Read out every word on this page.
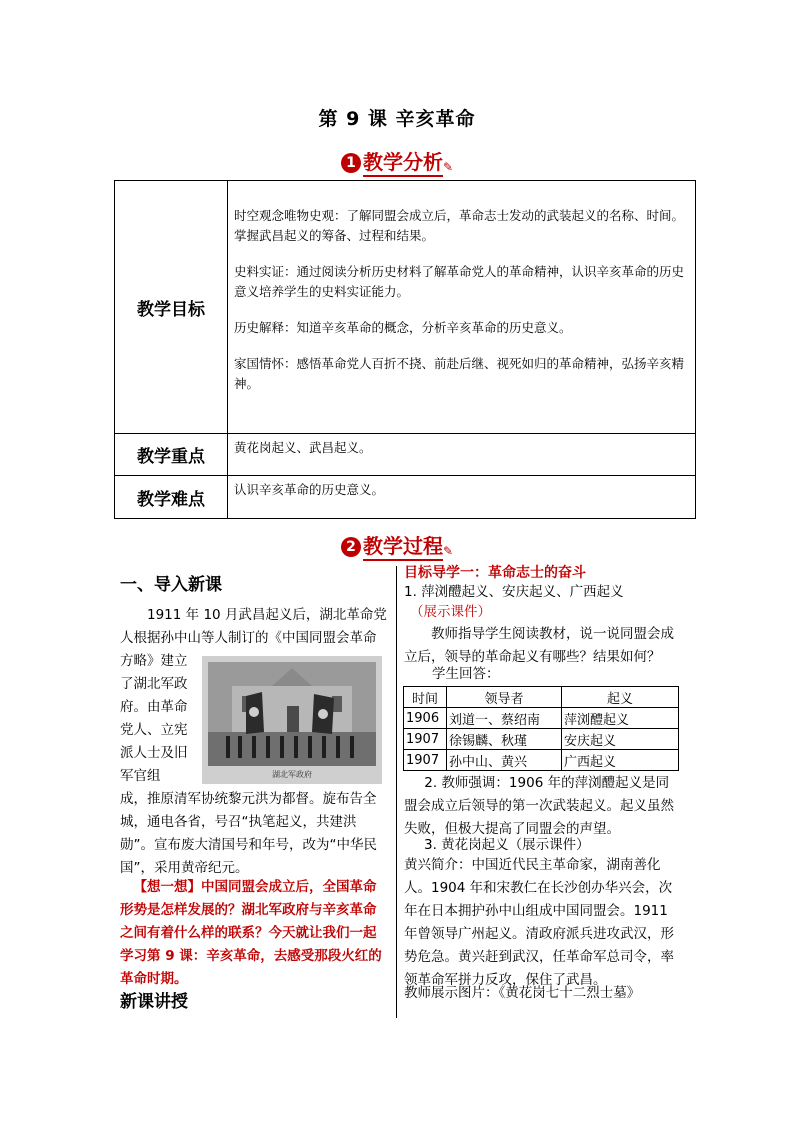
第 9 课 辛亥革命
1 教学分析✎
教学目标	时空观念唯物史观：了解同盟会成立后，革命志士发动的武装起义的名称、时间。掌握武昌起义的筹备、过程和结果。

史料实证：通过阅读分析历史材料了解革命党人的革命精神，认识辛亥革命的历史意义培养学生的史料实证能力。

历史解释：知道辛亥革命的概念，分析辛亥革命的历史意义。

家国情怀：感悟革命党人百折不挠、前赴后继、视死如归的革命精神，弘扬辛亥精神。

教学重点	黄花岗起义、武昌起义。
教学难点	认识辛亥革命的历史意义。
2 教学过程✎
一、导入新课
1911 年 10 月武昌起义后，湖北革命党人根据孙中山等人制订的《中国同盟会革命方略》建立
了湖北军政府。由革命党人、立宪派人士及旧军官组	湖北军政府
成，推原清军协统黎元洪为都督。旋布告全城，通电各省，号召“执笔起义，共建洪勋”。宣布废大清国号和年号，改为“中华民国”，采用黄帝纪元。
【想一想】中国同盟会成立后，全国革命形势是怎样发展的？湖北军政府与辛亥革命之间有着什么样的联系？今天就让我们一起学习第 9 课：辛亥革命，去感受那段火红的革命时期。
新课讲授
目标导学一：革命志士的奋斗
1. 萍浏醴起义、安庆起义、广西起义
（展示课件）
教师指导学生阅读教材，说一说同盟会成立后，领导的革命起义有哪些？结果如何？
学生回答：
时间	领导者	起义
1906	刘道一、蔡绍南	萍浏醴起义
1907	徐锡麟、秋瑾	安庆起义
1907	孙中山、黄兴	广西起义
2. 教师强调：1906 年的萍浏醴起义是同盟会成立后领导的第一次武装起义。起义虽然失败，但极大提高了同盟会的声望。
3. 黄花岗起义（展示课件）
黄兴简介：中国近代民主革命家，湖南善化人。1904 年和宋教仁在长沙创办华兴会，次年在日本拥护孙中山组成中国同盟会。1911 年曾领导广州起义。清政府派兵进攻武汉，形势危急。黄兴赶到武汉，任革命军总司令，率领革命军拼力反攻，保住了武昌。
教师展示图片：《黄花岗七十二烈士墓》
